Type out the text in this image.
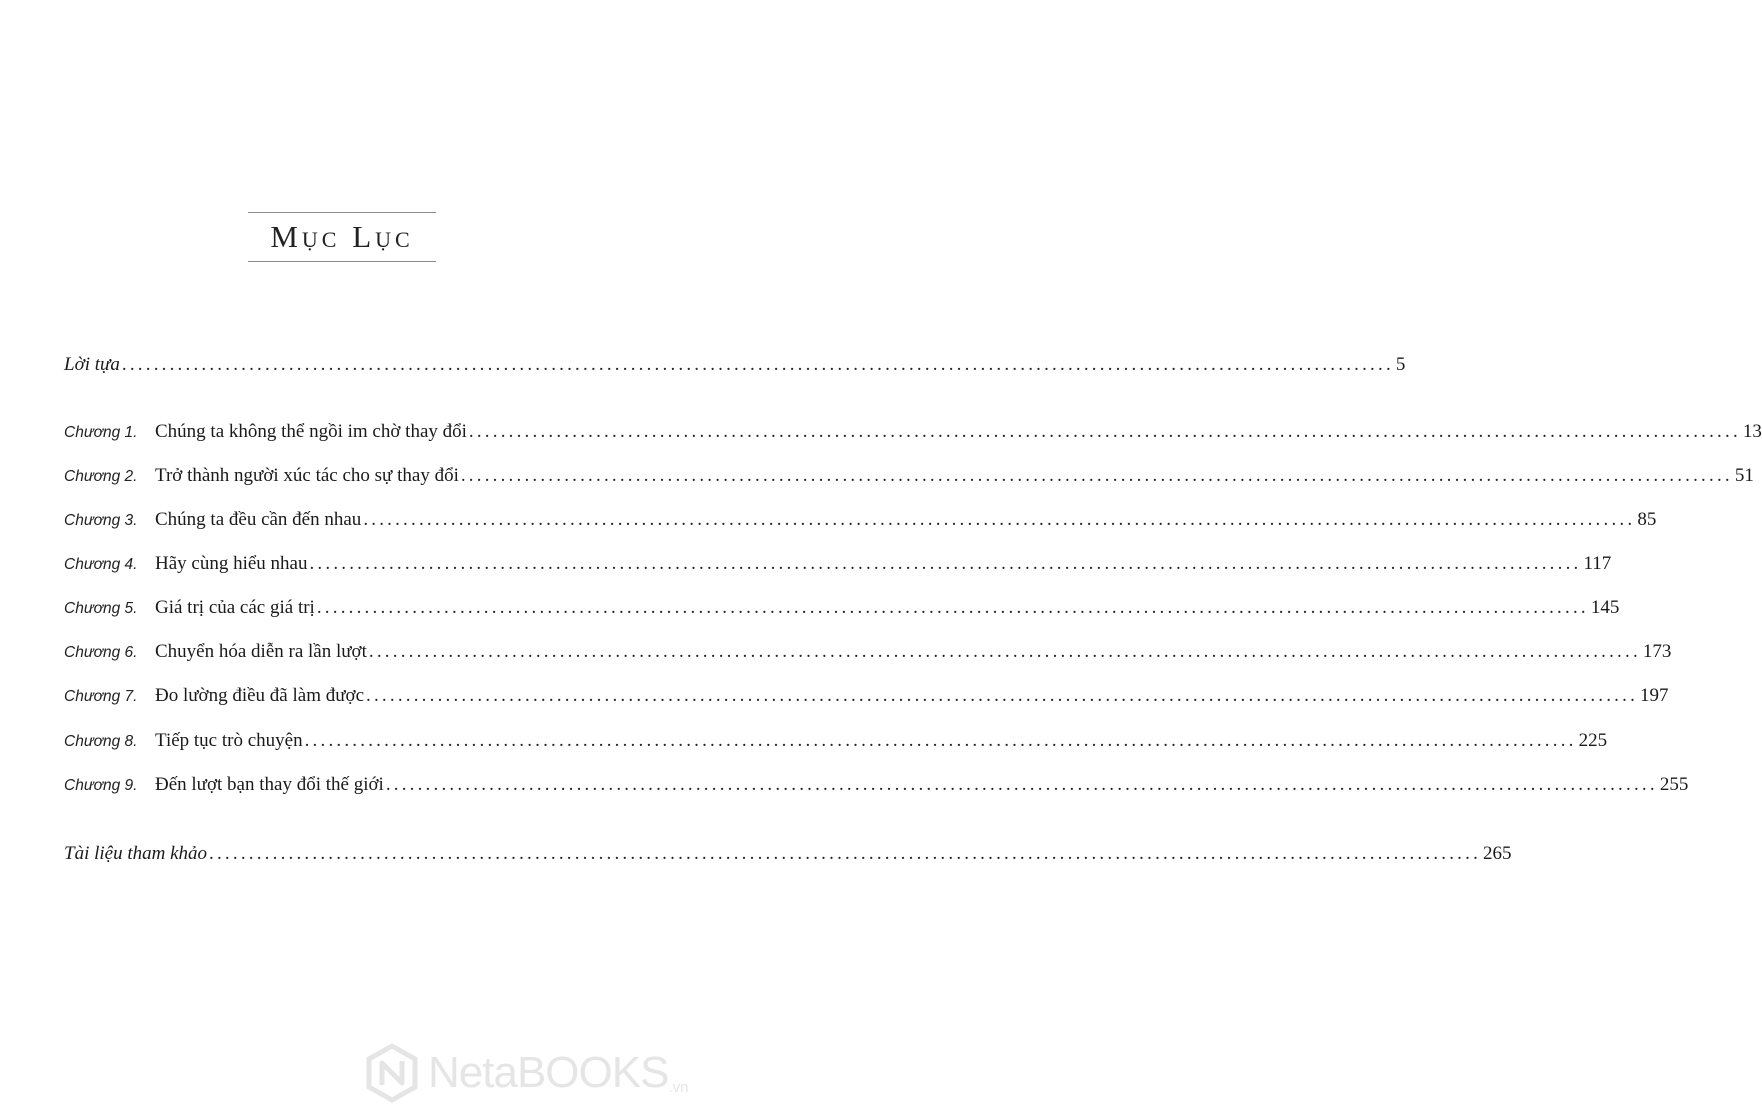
Mục Lục
Lời tựa ................................................................................................................................................................ 5
Chương 1. Chúng ta không thể ngồi im chờ thay đổi ................................................................................................................................................................ 13
Chương 2. Trở thành người xúc tác cho sự thay đổi ................................................................................................................................................................ 51
Chương 3. Chúng ta đều cần đến nhau ................................................................................................................................................................ 85
Chương 4. Hãy cùng hiểu nhau ................................................................................................................................................................ 117
Chương 5. Giá trị của các giá trị ................................................................................................................................................................ 145
Chương 6. Chuyển hóa diễn ra lần lượt ................................................................................................................................................................ 173
Chương 7. Đo lường điều đã làm được ................................................................................................................................................................ 197
Chương 8. Tiếp tục trò chuyện ................................................................................................................................................................ 225
Chương 9. Đến lượt bạn thay đổi thế giới ................................................................................................................................................................ 255
Tài liệu tham khảo ................................................................................................................................................................ 265
NetaBOOKS .vn
